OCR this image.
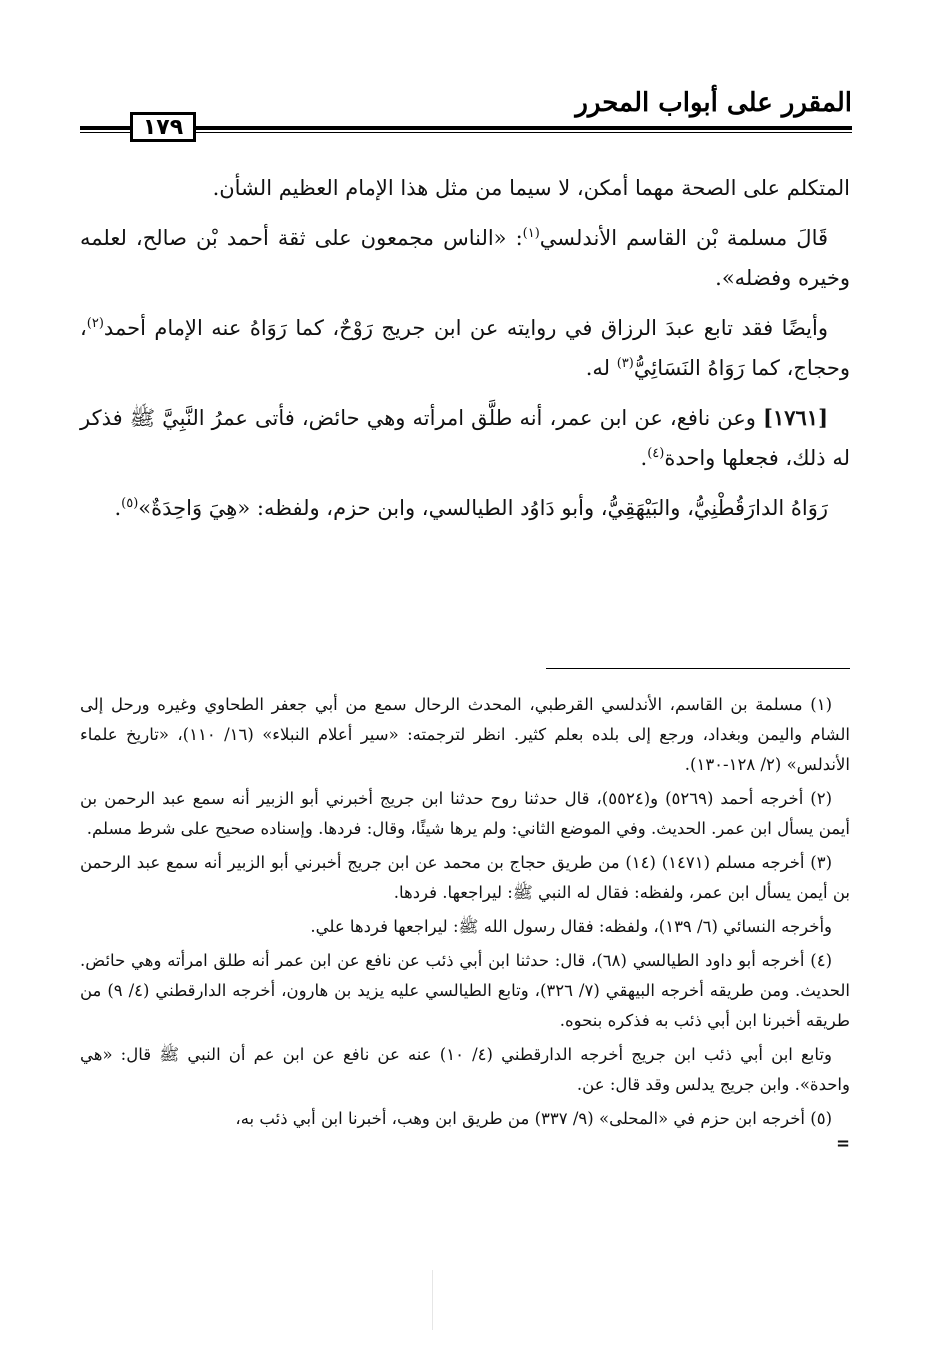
المقرر على أبواب المحرر
١٧٩

المتكلم على الصحة مهما أمكن، لا سيما من مثل هذا الإمام العظيم الشأن.

قَالَ مسلمة بْن القاسم الأندلسي$^{(١)}$: «الناس مجمعون على ثقة أحمد بْن صالح، لعلمه وخيره وفضله».

وأيضًا فقد تابع عبدَ الرزاق في روايته عن ابن جريج رَوْحٌ، كما رَوَاهُ عنه الإمام أحمد$^{(٢)}$، وحجاج، كما رَوَاهُ النَسَائِيُّ$^{(٣)}$ له.

[١٧٦١] وعن نافع، عن ابن عمر، أنه طلَّق امرأته وهي حائض، فأتى عمرُ النَّبِيَّ ﷺ فذكر له ذلك، فجعلها واحدة$^{(٤)}$.

رَوَاهُ الدارَقُطْنِيُّ، والبَيْهَقِيُّ، وأبو دَاوُد الطيالسي، وابن حزم، ولفظه: «هِيَ وَاحِدَةٌ»$^{(٥)}$.

(١) مسلمة بن القاسم، الأندلسي القرطبي، المحدث الرحال سمع من أبي جعفر الطحاوي وغيره ورحل إلى الشام واليمن وبغداد، ورجع إلى بلده بعلم كثير. انظر لترجمته: «سير أعلام النبلاء» (١٦/ ١١٠)، «تاريخ علماء الأندلس» (٢/ ١٢٨-١٣٠).

(٢) أخرجه أحمد (٥٢٦٩) و(٥٥٢٤)، قال حدثنا روح حدثنا ابن جريج أخبرني أبو الزبير أنه سمع عبد الرحمن بن أيمن يسأل ابن عمر. الحديث. وفي الموضع الثاني: ولم يرها شيئًا، وقال: فردها. وإسناده صحيح على شرط مسلم.

(٣) أخرجه مسلم (١٤٧١) (١٤) من طريق حجاج بن محمد عن ابن جريج أخبرني أبو الزبير أنه سمع عبد الرحمن بن أيمن يسأل ابن عمر، ولفظه: فقال له النبي ﷺ: ليراجعها. فردها.

وأخرجه النسائي (٦/ ١٣٩)، ولفظه: فقال رسول الله ﷺ: ليراجعها فردها علي.

(٤) أخرجه أبو داود الطيالسي (٦٨)، قال: حدثنا ابن أبي ذئب عن نافع عن ابن عمر أنه طلق امرأته وهي حائض. الحديث. ومن طريقه أخرجه البيهقي (٧/ ٣٢٦)، وتابع الطيالسي عليه يزيد بن هارون، أخرجه الدارقطني (٤/ ٩) من طريقه أخبرنا ابن أبي ذئب به فذكره بنحوه.

وتابع ابن أبي ذئب ابن جريج أخرجه الدارقطني (٤/ ١٠) عنه عن نافع عن ابن عم أن النبي ﷺ قال: «هي واحدة». وابن جريج يدلس وقد قال: عن.

(٥) أخرجه ابن حزم في «المحلى» (٩/ ٣٣٧) من طريق ابن وهب، أخبرنا ابن أبي ذئب به،

=
